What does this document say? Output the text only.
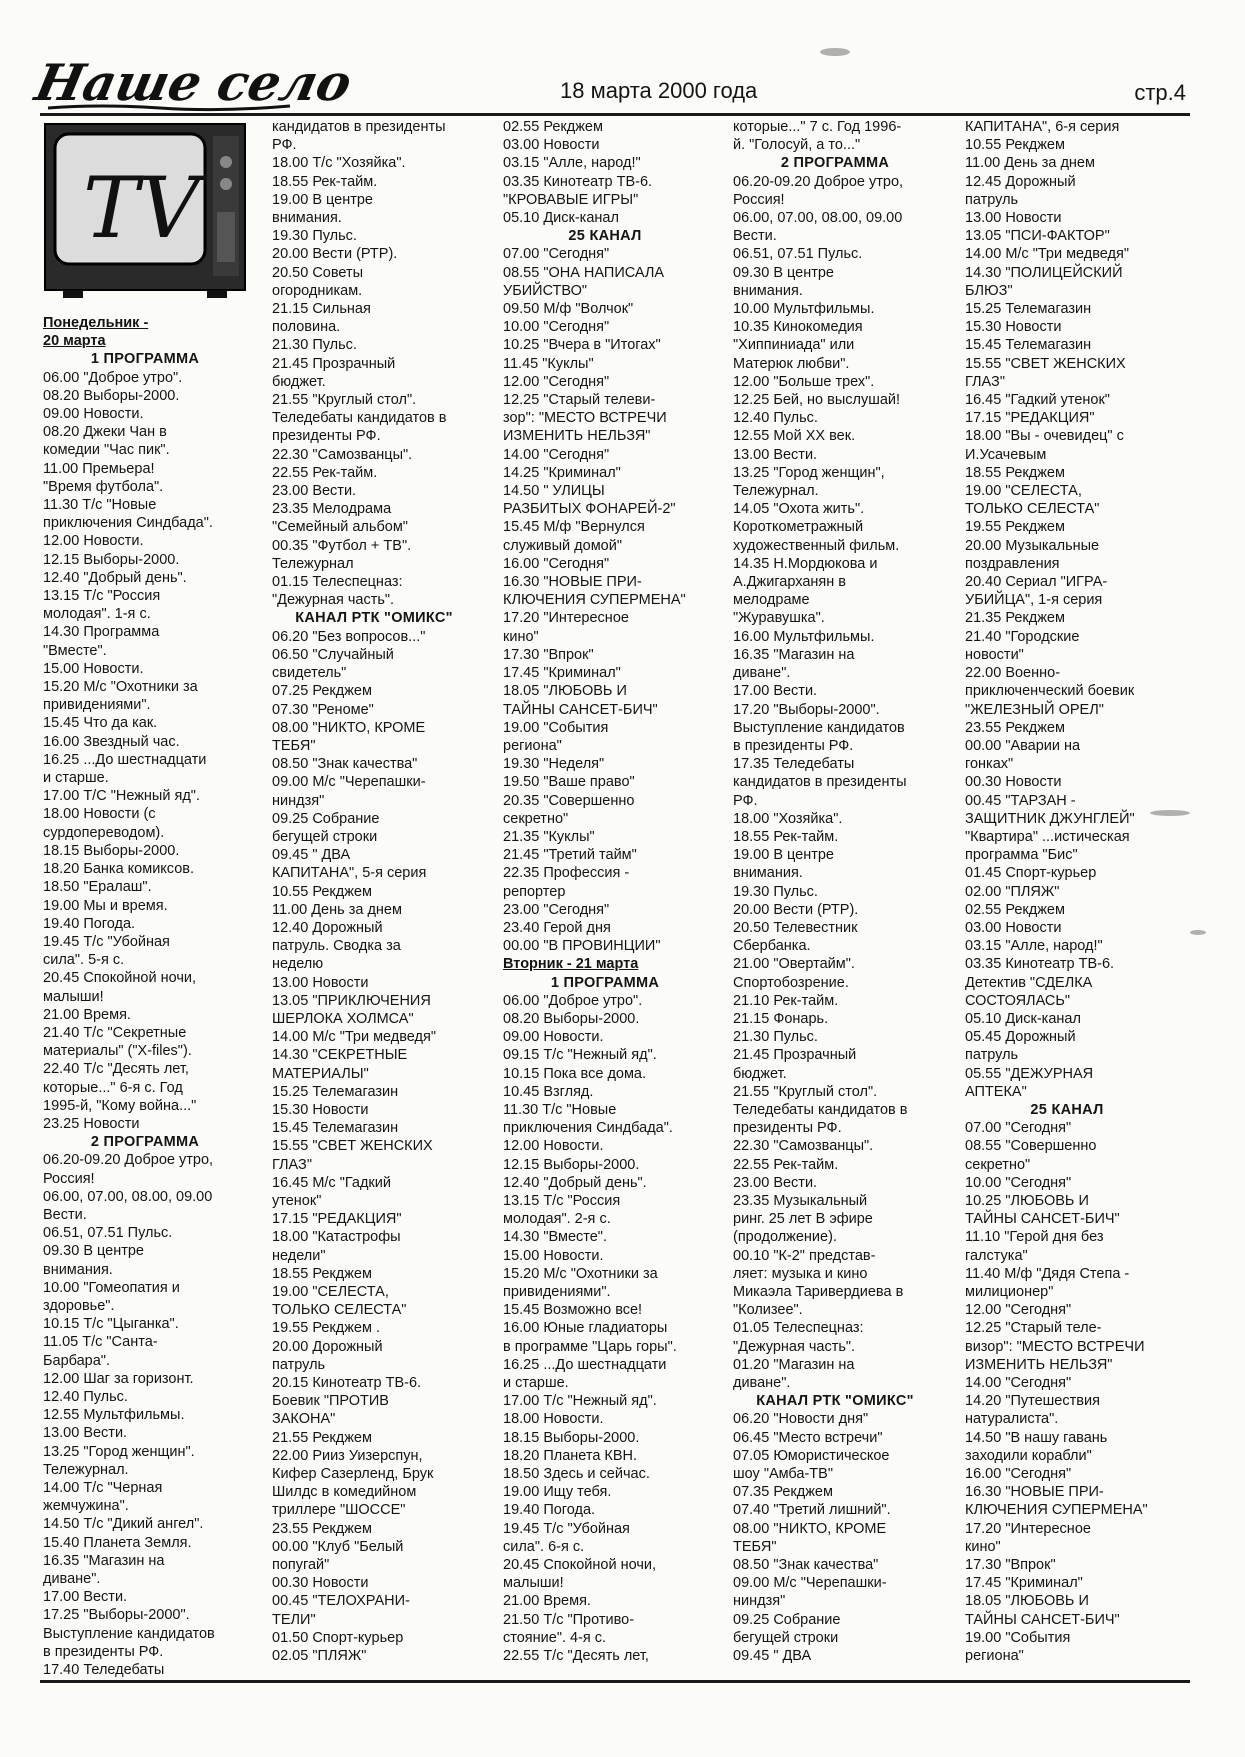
Наше село	18 марта 2000 года	стр.4
TV
Понедельник -
20 марта
1 ПРОГРАММА
06.00 "Доброе утро".
08.20 Выборы-2000.
09.00 Новости.
08.20 Джеки Чан в
комедии "Час пик".
11.00 Премьера!
"Время футбола".
11.30 Т/с "Новые
приключения Синдбада".
12.00 Новости.
12.15 Выборы-2000.
12.40 "Добрый день".
13.15 Т/с "Россия
молодая". 1-я с.
14.30 Программа
"Вместе".
15.00 Новости.
15.20 М/с "Охотники за
привидениями".
15.45 Что да как.
16.00 Звездный час.
16.25 ...До шестнадцати
и старше.
17.00 Т/С "Нежный яд".
18.00 Новости (с
сурдопереводом).
18.15 Выборы-2000.
18.20 Банка комиксов.
18.50 "Ералаш".
19.00 Мы и время.
19.40 Погода.
19.45 Т/с "Убойная
сила". 5-я с.
20.45 Спокойной ночи,
малыши!
21.00 Время.
21.40 Т/с "Секретные
материалы" ("X-files").
22.40 Т/с "Десять лет,
которые..." 6-я с. Год
1995-й, "Кому война..."
23.25 Новости
2 ПРОГРАММА
06.20-09.20 Доброе утро,
Россия!
06.00, 07.00, 08.00, 09.00
Вести.
06.51, 07.51 Пульс.
09.30 В центре
внимания.
10.00 "Гомеопатия и
здоровье".
10.15 Т/с "Цыганка".
11.05 Т/с "Санта-
Барбара".
12.00 Шаг за горизонт.
12.40 Пульс.
12.55 Мультфильмы.
13.00 Вести.
13.25 "Город женщин".
Тележурнал.
14.00 Т/с "Черная
жемчужина".
14.50 Т/с "Дикий ангел".
15.40 Планета Земля.
16.35 "Магазин на
диване".
17.00 Вести.
17.25 "Выборы-2000".
Выступление кандидатов
в президенты РФ.
17.40 Теледебаты
кандидатов в президенты
РФ.
18.00 Т/с "Хозяйка".
18.55 Рек-тайм.
19.00 В центре
внимания.
19.30 Пульс.
20.00 Вести (РТР).
20.50 Советы
огородникам.
21.15 Сильная
половина.
21.30 Пульс.
21.45 Прозрачный
бюджет.
21.55 "Круглый стол".
Теледебаты кандидатов в
президенты РФ.
22.30 "Самозванцы".
22.55 Рек-тайм.
23.00 Вести.
23.35 Мелодрама
"Семейный альбом"
00.35 "Футбол + ТВ".
Тележурнал
01.15 Телеспецназ:
"Дежурная часть".
КАНАЛ РТК "ОМИКС"
06.20 "Без вопросов..."
06.50 "Случайный
свидетель"
07.25 Рекджем
07.30 "Реноме"
08.00 "НИКТО, КРОМЕ
ТЕБЯ"
08.50 "Знак качества"
09.00 М/с "Черепашки-
ниндзя"
09.25 Собрание
бегущей строки
09.45 " ДВА
КАПИТАНА", 5-я серия
10.55 Рекджем
11.00 День за днем
12.40 Дорожный
патруль. Сводка за
неделю
13.00 Новости
13.05 "ПРИКЛЮЧЕНИЯ
ШЕРЛОКА ХОЛМСА"
14.00 М/с "Три медведя"
14.30 "СЕКРЕТНЫЕ
МАТЕРИАЛЫ"
15.25 Телемагазин
15.30 Новости
15.45 Телемагазин
15.55 "СВЕТ ЖЕНСКИХ
ГЛАЗ"
16.45 М/с "Гадкий
утенок"
17.15 "РЕДАКЦИЯ"
18.00 "Катастрофы
недели"
18.55 Рекджем
19.00 "СЕЛЕСТА,
ТОЛЬКО СЕЛЕСТА"
19.55 Рекджем .
20.00 Дорожный
патруль
20.15 Кинотеатр ТВ-6.
Боевик "ПРОТИВ
ЗАКОНА"
21.55 Рекджем
22.00 Рииз Уизерспун,
Кифер Сазерленд, Брук
Шилдс в комедийном
триллере "ШОССЕ"
23.55 Рекджем
00.00 "Клуб "Белый
попугай"
00.30 Новости
00.45 "ТЕЛОХРАНИ-
ТЕЛИ"
01.50 Спорт-курьер
02.05 "ПЛЯЖ"
02.55 Рекджем
03.00 Новости
03.15 "Алле, народ!"
03.35 Кинотеатр ТВ-6.
"КРОВАВЫЕ ИГРЫ"
05.10 Диск-канал
25 КАНАЛ
07.00 "Сегодня"
08.55 "ОНА НАПИСАЛА
УБИЙСТВО"
09.50 М/ф "Волчок"
10.00 "Сегодня"
10.25 "Вчера в "Итогах"
11.45 "Куклы"
12.00 "Сегодня"
12.25 "Старый телеви-
зор": "МЕСТО ВСТРЕЧИ
ИЗМЕНИТЬ НЕЛЬЗЯ"
14.00 "Сегодня"
14.25 "Криминал"
14.50 " УЛИЦЫ
РАЗБИТЫХ ФОНАРЕЙ-2"
15.45 М/ф "Вернулся
служивый домой"
16.00 "Сегодня"
16.30 "НОВЫЕ ПРИ-
КЛЮЧЕНИЯ СУПЕРМЕНА"
17.20 "Интересное
кино"
17.30 "Впрок"
17.45 "Криминал"
18.05 "ЛЮБОВЬ И
ТАЙНЫ САНСЕТ-БИЧ"
19.00 "События
региона"
19.30 "Неделя"
19.50 "Ваше право"
20.35 "Совершенно
секретно"
21.35 "Куклы"
21.45 "Третий тайм"
22.35 Профессия -
репортер
23.00 "Сегодня"
23.40 Герой дня
00.00 "В ПРОВИНЦИИ"
Вторник - 21 марта
1 ПРОГРАММА
06.00 "Доброе утро".
08.20 Выборы-2000.
09.00 Новости.
09.15 Т/с "Нежный яд".
10.15 Пока все дома.
10.45 Взгляд.
11.30 Т/с "Новые
приключения Синдбада".
12.00 Новости.
12.15 Выборы-2000.
12.40 "Добрый день".
13.15 Т/с "Россия
молодая". 2-я с.
14.30 "Вместе".
15.00 Новости.
15.20 М/с "Охотники за
привидениями".
15.45 Возможно все!
16.00 Юные гладиаторы
в программе "Царь горы".
16.25 ...До шестнадцати
и старше.
17.00 Т/с "Нежный яд".
18.00 Новости.
18.15 Выборы-2000.
18.20 Планета КВН.
18.50 Здесь и сейчас.
19.00 Ищу тебя.
19.40 Погода.
19.45 Т/с "Убойная
сила". 6-я с.
20.45 Спокойной ночи,
малыши!
21.00 Время.
21.50 Т/с "Противо-
стояние". 4-я с.
22.55 Т/с "Десять лет,
которые..." 7 с. Год 1996-
й. "Голосуй, а то..."
2 ПРОГРАММА
06.20-09.20 Доброе утро,
Россия!
06.00, 07.00, 08.00, 09.00
Вести.
06.51, 07.51 Пульс.
09.30 В центре
внимания.
10.00 Мультфильмы.
10.35 Кинокомедия
"Хиппиниада" или
Матерюк любви".
12.00 "Больше трех".
12.25 Бей, но выслушай!
12.40 Пульс.
12.55 Мой XX век.
13.00 Вести.
13.25 "Город женщин",
Тележурнал.
14.05 "Охота жить".
Короткометражный
художественный фильм.
14.35 Н.Мордюкова и
А.Джигарханян в
мелодраме
"Журавушка".
16.00 Мультфильмы.
16.35 "Магазин на
диване".
17.00 Вести.
17.20 "Выборы-2000".
Выступление кандидатов
в президенты РФ.
17.35 Теледебаты
кандидатов в президенты
РФ.
18.00 "Хозяйка".
18.55 Рек-тайм.
19.00 В центре
внимания.
19.30 Пульс.
20.00 Вести (РТР).
20.50 Телевестник
Сбербанка.
21.00 "Овертайм".
Спортобозрение.
21.10 Рек-тайм.
21.15 Фонарь.
21.30 Пульс.
21.45 Прозрачный
бюджет.
21.55 "Круглый стол".
Теледебаты кандидатов в
президенты РФ.
22.30 "Самозванцы".
22.55 Рек-тайм.
23.00 Вести.
23.35 Музыкальный
ринг. 25 лет В эфире
(продолжение).
00.10 "К-2" представ-
ляет: музыка и кино
Микаэла Таривердиева в
"Колизее".
01.05 Телеспецназ:
"Дежурная часть".
01.20 "Магазин на
диване".
КАНАЛ РТК "ОМИКС"
06.20 "Новости дня"
06.45 "Место встречи"
07.05 Юмористическое
шоу "Амба-ТВ"
07.35 Рекджем
07.40 "Третий лишний".
08.00 "НИКТО, КРОМЕ
ТЕБЯ"
08.50 "Знак качества"
09.00 М/с "Черепашки-
ниндзя"
09.25 Собрание
бегущей строки
09.45 " ДВА
КАПИТАНА", 6-я серия
10.55 Рекджем
11.00 День за днем
12.45 Дорожный
патруль
13.00 Новости
13.05 "ПСИ-ФАКТОР"
14.00 М/с "Три медведя"
14.30 "ПОЛИЦЕЙСКИЙ
БЛЮЗ"
15.25 Телемагазин
15.30 Новости
15.45 Телемагазин
15.55 "СВЕТ ЖЕНСКИХ
ГЛАЗ"
16.45 "Гадкий утенок"
17.15 "РЕДАКЦИЯ"
18.00 "Вы - очевидец" с
И.Усачевым
18.55 Рекджем
19.00 "СЕЛЕСТА,
ТОЛЬКО СЕЛЕСТА"
19.55 Рекджем
20.00 Музыкальные
поздравления
20.40 Сериал "ИГРА-
УБИЙЦА", 1-я серия
21.35 Рекджем
21.40 "Городские
новости"
22.00 Военно-
приключенческий боевик
"ЖЕЛЕЗНЫЙ ОРЕЛ"
23.55 Рекджем
00.00 "Аварии на
гонках"
00.30 Новости
00.45 "ТАРЗАН -
ЗАЩИТНИК ДЖУНГЛЕЙ"
"Квартира" ...истическая
программа "Бис"
01.45 Спорт-курьер
02.00 "ПЛЯЖ"
02.55 Рекджем
03.00 Новости
03.15 "Алле, народ!"
03.35 Кинотеатр ТВ-6.
Детектив "СДЕЛКА
СОСТОЯЛАСЬ"
05.10 Диск-канал
05.45 Дорожный
патруль
05.55 "ДЕЖУРНАЯ
АПТЕКА"
25 КАНАЛ
07.00 "Сегодня"
08.55 "Совершенно
секретно"
10.00 "Сегодня"
10.25 "ЛЮБОВЬ И
ТАЙНЫ САНСЕТ-БИЧ"
11.10 "Герой дня без
галстука"
11.40 М/ф "Дядя Степа -
милиционер"
12.00 "Сегодня"
12.25 "Старый теле-
визор": "МЕСТО ВСТРЕЧИ
ИЗМЕНИТЬ НЕЛЬЗЯ"
14.00 "Сегодня"
14.20 "Путешествия
натуралиста".
14.50 "В нашу гавань
заходили корабли"
16.00 "Сегодня"
16.30 "НОВЫЕ ПРИ-
КЛЮЧЕНИЯ СУПЕРМЕНА"
17.20 "Интересное
кино"
17.30 "Впрок"
17.45 "Криминал"
18.05 "ЛЮБОВЬ И
ТАЙНЫ САНСЕТ-БИЧ"
19.00 "События
региона"
